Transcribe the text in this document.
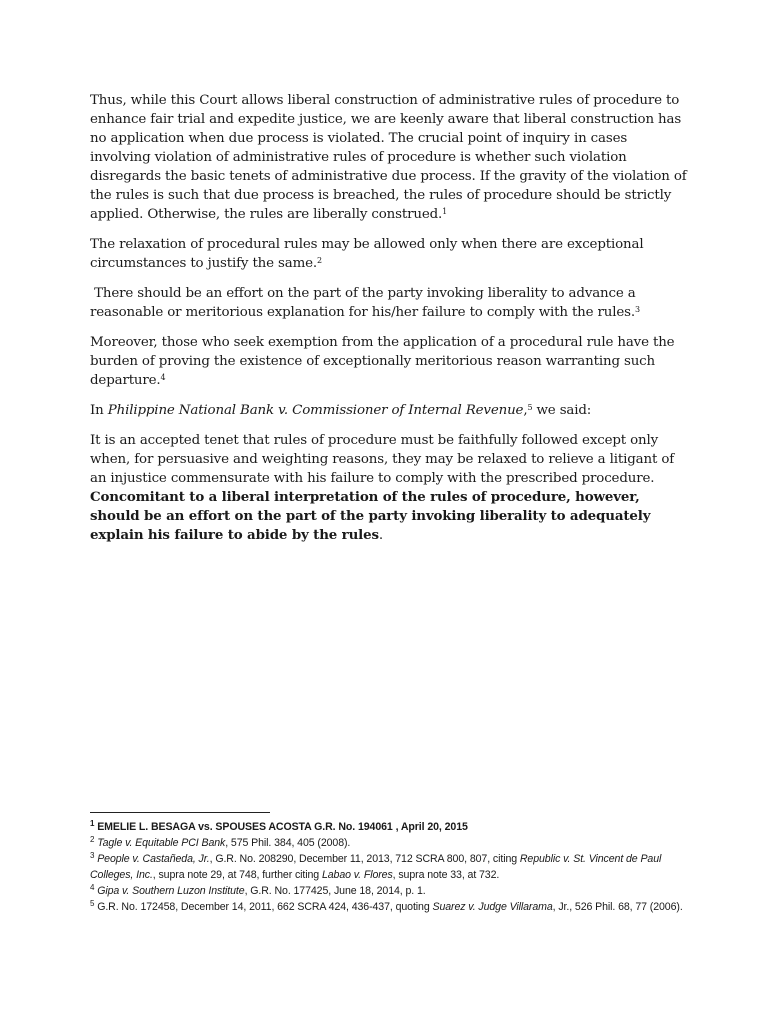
Thus, while this Court allows liberal construction of administrative rules of procedure to enhance fair trial and expedite justice, we are keenly aware that liberal construction has no application when due process is violated. The crucial point of inquiry in cases involving violation of administrative rules of procedure is whether such violation disregards the basic tenets of administrative due process. If the gravity of the violation of the rules is such that due process is breached, the rules of procedure should be strictly applied. Otherwise, the rules are liberally construed.$^1$

The relaxation of procedural rules may be allowed only when there are exceptional circumstances to justify the same.$^2$

There should be an effort on the part of the party invoking liberality to advance a reasonable or meritorious explanation for his/her failure to comply with the rules.$^3$

Moreover, those who seek exemption from the application of a procedural rule have the burden of proving the existence of exceptionally meritorious reason warranting such departure.$^4$

In Philippine National Bank v. Commissioner of Internal Revenue,$^5$ we said:

It is an accepted tenet that rules of procedure must be faithfully followed except only when, for persuasive and weighting reasons, they may be relaxed to relieve a litigant of an injustice commensurate with his failure to comply with the prescribed procedure. Concomitant to a liberal interpretation of the rules of procedure, however, should be an effort on the part of the party invoking liberality to adequately explain his failure to abide by the rules.

$^1$ EMELIE L. BESAGA vs. SPOUSES ACOSTA G.R. No. 194061 , April 20, 2015

$^2$ Tagle v. Equitable PCI Bank, 575 Phil. 384, 405 (2008).

$^3$ People v. Castañeda, Jr., G.R. No. 208290, December 11, 2013, 712 SCRA 800, 807, citing Republic v. St. Vincent de Paul Colleges, Inc., supra note 29, at 748, further citing Labao v. Flores, supra note 33, at 732.

$^4$ Gipa v. Southern Luzon Institute, G.R. No. 177425, June 18, 2014, p. 1.

$^5$ G.R. No. 172458, December 14, 2011, 662 SCRA 424, 436-437, quoting Suarez v. Judge Villarama, Jr., 526 Phil. 68, 77 (2006).
